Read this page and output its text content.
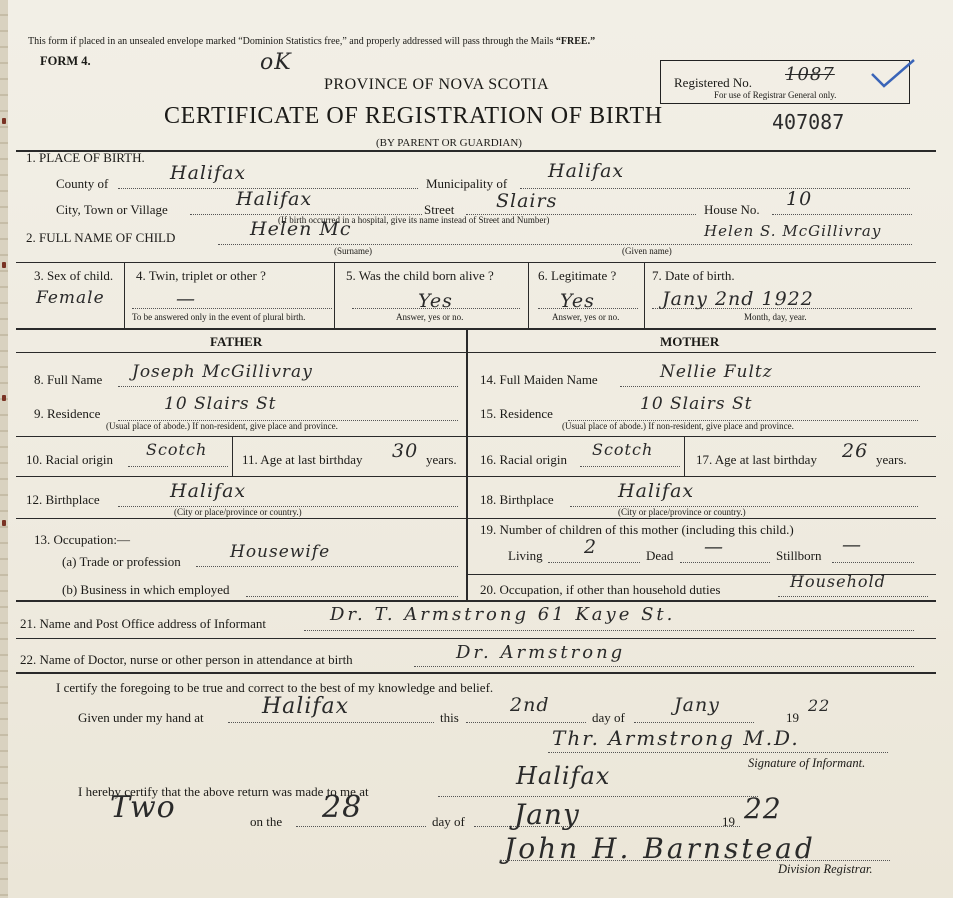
This form if placed in an unsealed envelope marked “Dominion Statistics free,” and properly addressed will pass through the Mails “FREE.”
FORM 4.	oK
PROVINCE OF NOVA SCOTIA
CERTIFICATE OF REGISTRATION OF BIRTH
(BY PARENT OR GUARDIAN)
407087
Registered No. 1087
For use of Registrar General only.
1. PLACE OF BIRTH.
County of	Halifax	Municipality of
Halifax
City, Town or Village	Halifax	Street Slairs	House No. 10
(If birth occurred in a hospital, give its name instead of Street and Number)
2. FULL NAME OF CHILD	Helen Mc	Helen S. McGillivray
(Surname)	(Given name)
3. Sex of child.
Female
4. Twin, triplet or other ?
—
To be answered only in the event of plural birth.
5. Was the child born alive ?
Yes
Answer, yes or no.
6. Legitimate ?
Yes
Answer, yes or no.
7. Date of birth.
Jany 2nd 1922
Month, day, year.
FATHER	MOTHER
8. Full Name Joseph McGillivray	14. Full Maiden Name	Nellie Fultz
9. Residence	10 Slairs St
(Usual place of abode.) If non-resident, give place and province.
15. Residence	10 Slairs St
(Usual place of abode.) If non-resident, give place and province.
10. Racial origin
Scotch
11. Age at last birthday 30 years. 16. Racial origin
Scotch
17. Age at last birthday 26 years.
12. Birthplace	Halifax
(City or place/province or country.)
18. Birthplace	Halifax
(City or place/province or country.)
13. Occupation:—
(a) Trade or profession	Housewife
19. Number of children of this mother (including this child.)
Living 2	Dead —	Stillborn —
(b) Business in which employed	20. Occupation, if other than household duties	Household
21. Name and Post Office address of Informant	Dr. T. Armstrong 61 Kaye St.
22. Name of Doctor, nurse or other person in attendance at birth	Dr. Armstrong
I certify the foregoing to be true and correct to the best of my knowledge and belief.
Given under my hand at	Halifax	this
2nd
day of
Jany
19
22
Thr. Armstrong M.D.
Signature of Informant.
I hereby certify that the above return was made to me at
Halifax
Two	on the 28	day of Jany	19 22
John H. Barnstead
Division Registrar.
